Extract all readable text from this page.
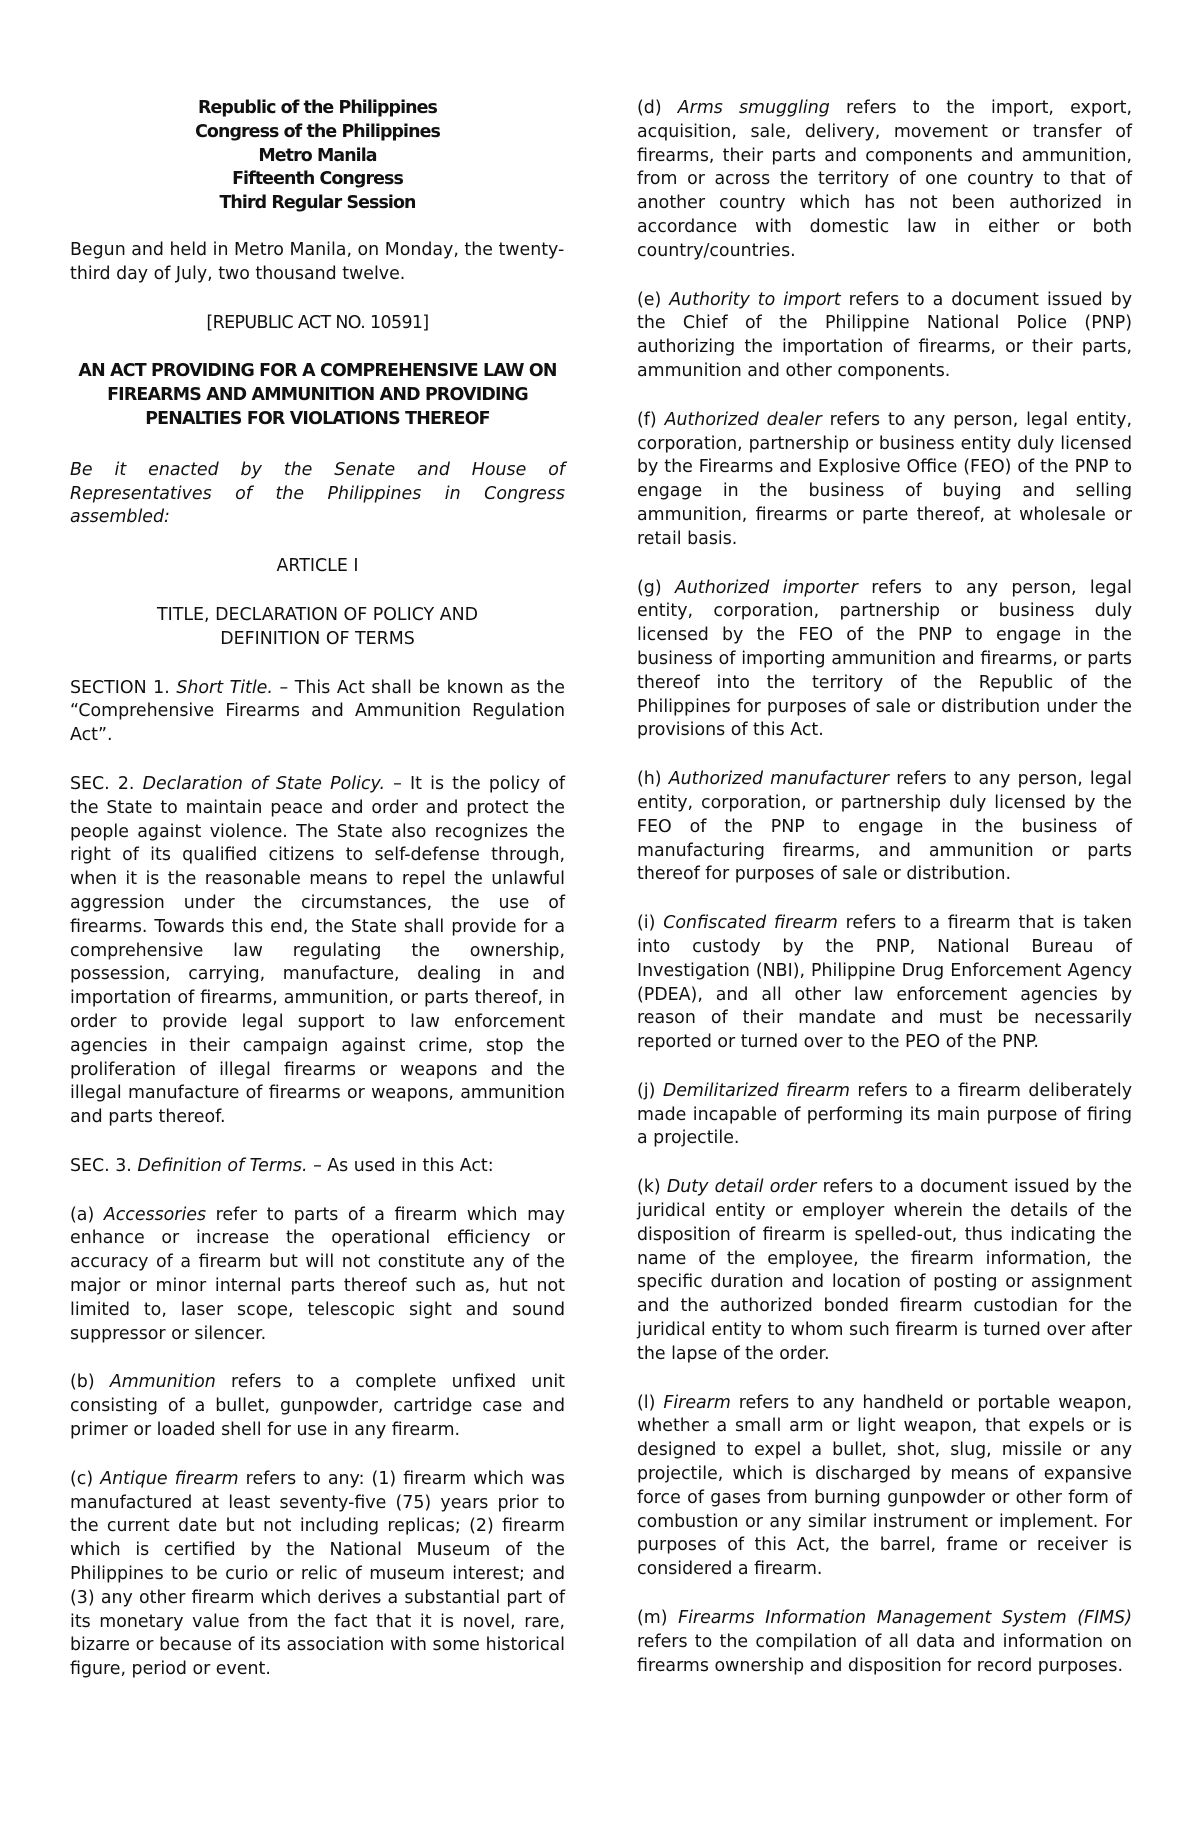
Republic of the Philippines
Congress of the Philippines
Metro Manila
Fifteenth Congress
Third Regular Session

Begun and held in Metro Manila, on Monday, the twenty-third day of July, two thousand twelve.

[REPUBLIC ACT NO. 10591]

AN ACT PROVIDING FOR A COMPREHENSIVE LAW ON FIREARMS AND AMMUNITION AND PROVIDING PENALTIES FOR VIOLATIONS THEREOF

Be it enacted by the Senate and House of Representatives of the Philippines in Congress assembled:

ARTICLE I

TITLE, DECLARATION OF POLICY AND DEFINITION OF TERMS

SECTION 1. Short Title. – This Act shall be known as the “Comprehensive Firearms and Ammunition Regulation Act”.

SEC. 2. Declaration of State Policy. – It is the policy of the State to maintain peace and order and protect the people against violence. The State also recognizes the right of its qualified citizens to self-defense through, when it is the reasonable means to repel the unlawful aggression under the circumstances, the use of firearms. Towards this end, the State shall provide for a comprehensive law regulating the ownership, possession, carrying, manufacture, dealing in and importation of firearms, ammunition, or parts thereof, in order to provide legal support to law enforcement agencies in their campaign against crime, stop the proliferation of illegal firearms or weapons and the illegal manufacture of firearms or weapons, ammunition and parts thereof.

SEC. 3. Definition of Terms. – As used in this Act:

(a) Accessories refer to parts of a firearm which may enhance or increase the operational efficiency or accuracy of a firearm but will not constitute any of the major or minor internal parts thereof such as, hut not limited to, laser scope, telescopic sight and sound suppressor or silencer.

(b) Ammunition refers to a complete unfixed unit consisting of a bullet, gunpowder, cartridge case and primer or loaded shell for use in any firearm.

(c) Antique firearm refers to any: (1) firearm which was manufactured at least seventy-five (75) years prior to the current date but not including replicas; (2) firearm which is certified by the National Museum of the Philippines to be curio or relic of museum interest; and (3) any other firearm which derives a substantial part of its monetary value from the fact that it is novel, rare, bizarre or because of its association with some historical figure, period or event.

(d) Arms smuggling refers to the import, export, acquisition, sale, delivery, movement or transfer of firearms, their parts and components and ammunition, from or across the territory of one country to that of another country which has not been authorized in accordance with domestic law in either or both country/countries.

(e) Authority to import refers to a document issued by the Chief of the Philippine National Police (PNP) authorizing the importation of firearms, or their parts, ammunition and other components.

(f) Authorized dealer refers to any person, legal entity, corporation, partnership or business entity duly licensed by the Firearms and Explosive Office (FEO) of the PNP to engage in the business of buying and selling ammunition, firearms or parte thereof, at wholesale or retail basis.

(g) Authorized importer refers to any person, legal entity, corporation, partnership or business duly licensed by the FEO of the PNP to engage in the business of importing ammunition and firearms, or parts thereof into the territory of the Republic of the Philippines for purposes of sale or distribution under the provisions of this Act.

(h) Authorized manufacturer refers to any person, legal entity, corporation, or partnership duly licensed by the FEO of the PNP to engage in the business of manufacturing firearms, and ammunition or parts thereof for purposes of sale or distribution.

(i) Confiscated firearm refers to a firearm that is taken into custody by the PNP, National Bureau of Investigation (NBI), Philippine Drug Enforcement Agency (PDEA), and all other law enforcement agencies by reason of their mandate and must be necessarily reported or turned over to the PEO of the PNP.

(j) Demilitarized firearm refers to a firearm deliberately made incapable of performing its main purpose of firing a projectile.

(k) Duty detail order refers to a document issued by the juridical entity or employer wherein the details of the disposition of firearm is spelled-out, thus indicating the name of the employee, the firearm information, the specific duration and location of posting or assignment and the authorized bonded firearm custodian for the juridical entity to whom such firearm is turned over after the lapse of the order.

(l) Firearm refers to any handheld or portable weapon, whether a small arm or light weapon, that expels or is designed to expel a bullet, shot, slug, missile or any projectile, which is discharged by means of expansive force of gases from burning gunpowder or other form of combustion or any similar instrument or implement. For purposes of this Act, the barrel, frame or receiver is considered a firearm.

(m) Firearms Information Management System (FIMS) refers to the compilation of all data and information on firearms ownership and disposition for record purposes.
